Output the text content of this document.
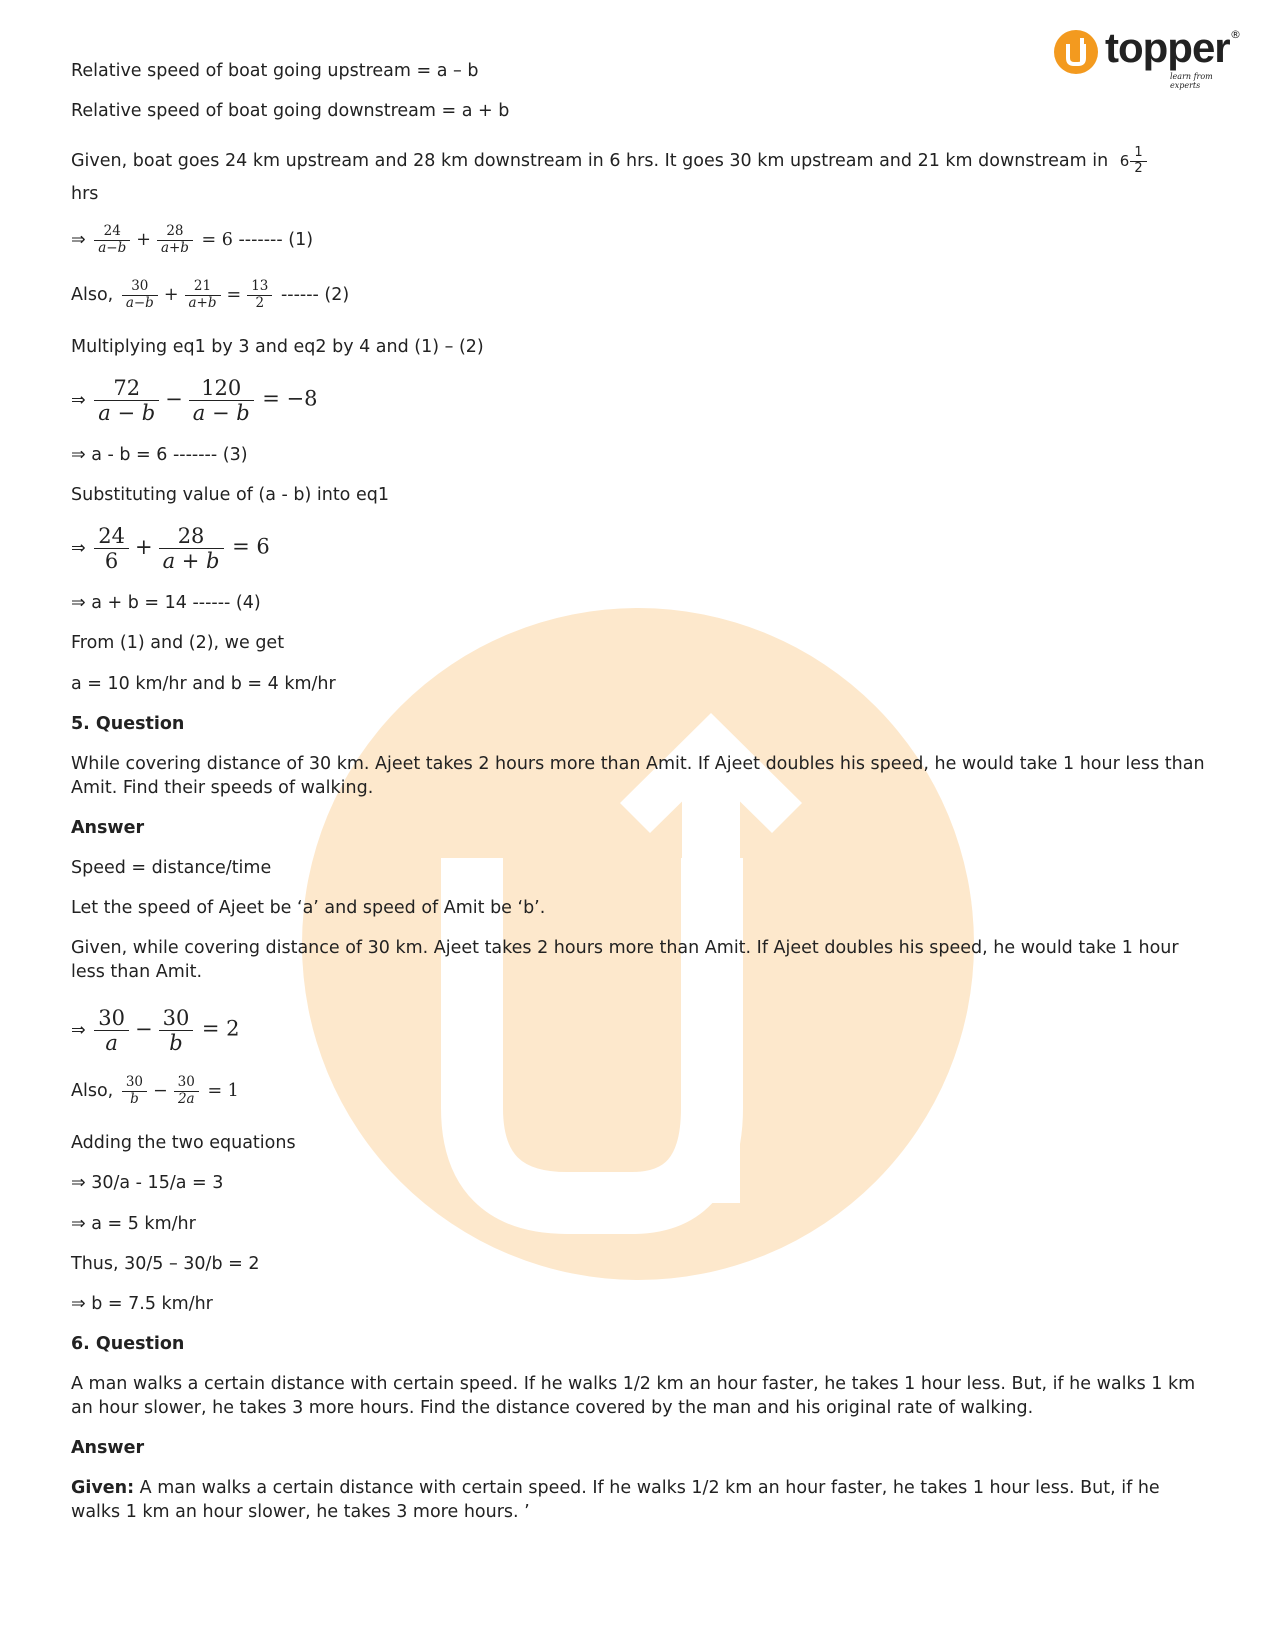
topper ®
learn from experts
Relative speed of boat going upstream = a – b
Relative speed of boat going downstream = a + b
Given, boat goes 24 km upstream and 28 km downstream in 6 hrs. It goes 30 km upstream and 21 km downstream in $6 \frac{1}{2}$
hrs
⇒ $\frac{24}{a-b} + \frac{28}{a+b} = 6$ ------- (1)
Also, $\frac{30}{a-b} + \frac{21}{a+b} = \frac{13}{2}$ ------ (2)
Multiplying eq1 by 3 and eq2 by 4 and (1) – (2)
⇒ $\frac{72}{a - b} - \frac{120}{a - b} = -8$
⇒ a - b = 6 ------- (3)
Substituting value of (a - b) into eq1
⇒ $\frac{24}{6} + \frac{28}{a + b} = 6$
⇒ a + b = 14 ------ (4)
From (1) and (2), we get
a = 10 km/hr and b = 4 km/hr
5. Question
While covering distance of 30 km. Ajeet takes 2 hours more than Amit. If Ajeet doubles his speed, he would take 1 hour less than Amit. Find their speeds of walking.
Answer
Speed = distance/time
Let the speed of Ajeet be ‘a’ and speed of Amit be ‘b’.
Given, while covering distance of 30 km. Ajeet takes 2 hours more than Amit. If Ajeet doubles his speed, he would take 1 hour less than Amit.
⇒ $\frac{30}{a} - \frac{30}{b} = 2$
Also, $\frac{30}{b} - \frac{30}{2a} = 1$
Adding the two equations
⇒ 30/a - 15/a = 3
⇒ a = 5 km/hr
Thus, 30/5 – 30/b = 2
⇒ b = 7.5 km/hr
6. Question
A man walks a certain distance with certain speed. If he walks 1/2 km an hour faster, he takes 1 hour less. But, if he walks 1 km an hour slower, he takes 3 more hours. Find the distance covered by the man and his original rate of walking.
Answer
Given: A man walks a certain distance with certain speed. If he walks 1/2 km an hour faster, he takes 1 hour less. But, if he walks 1 km an hour slower, he takes 3 more hours. ’
